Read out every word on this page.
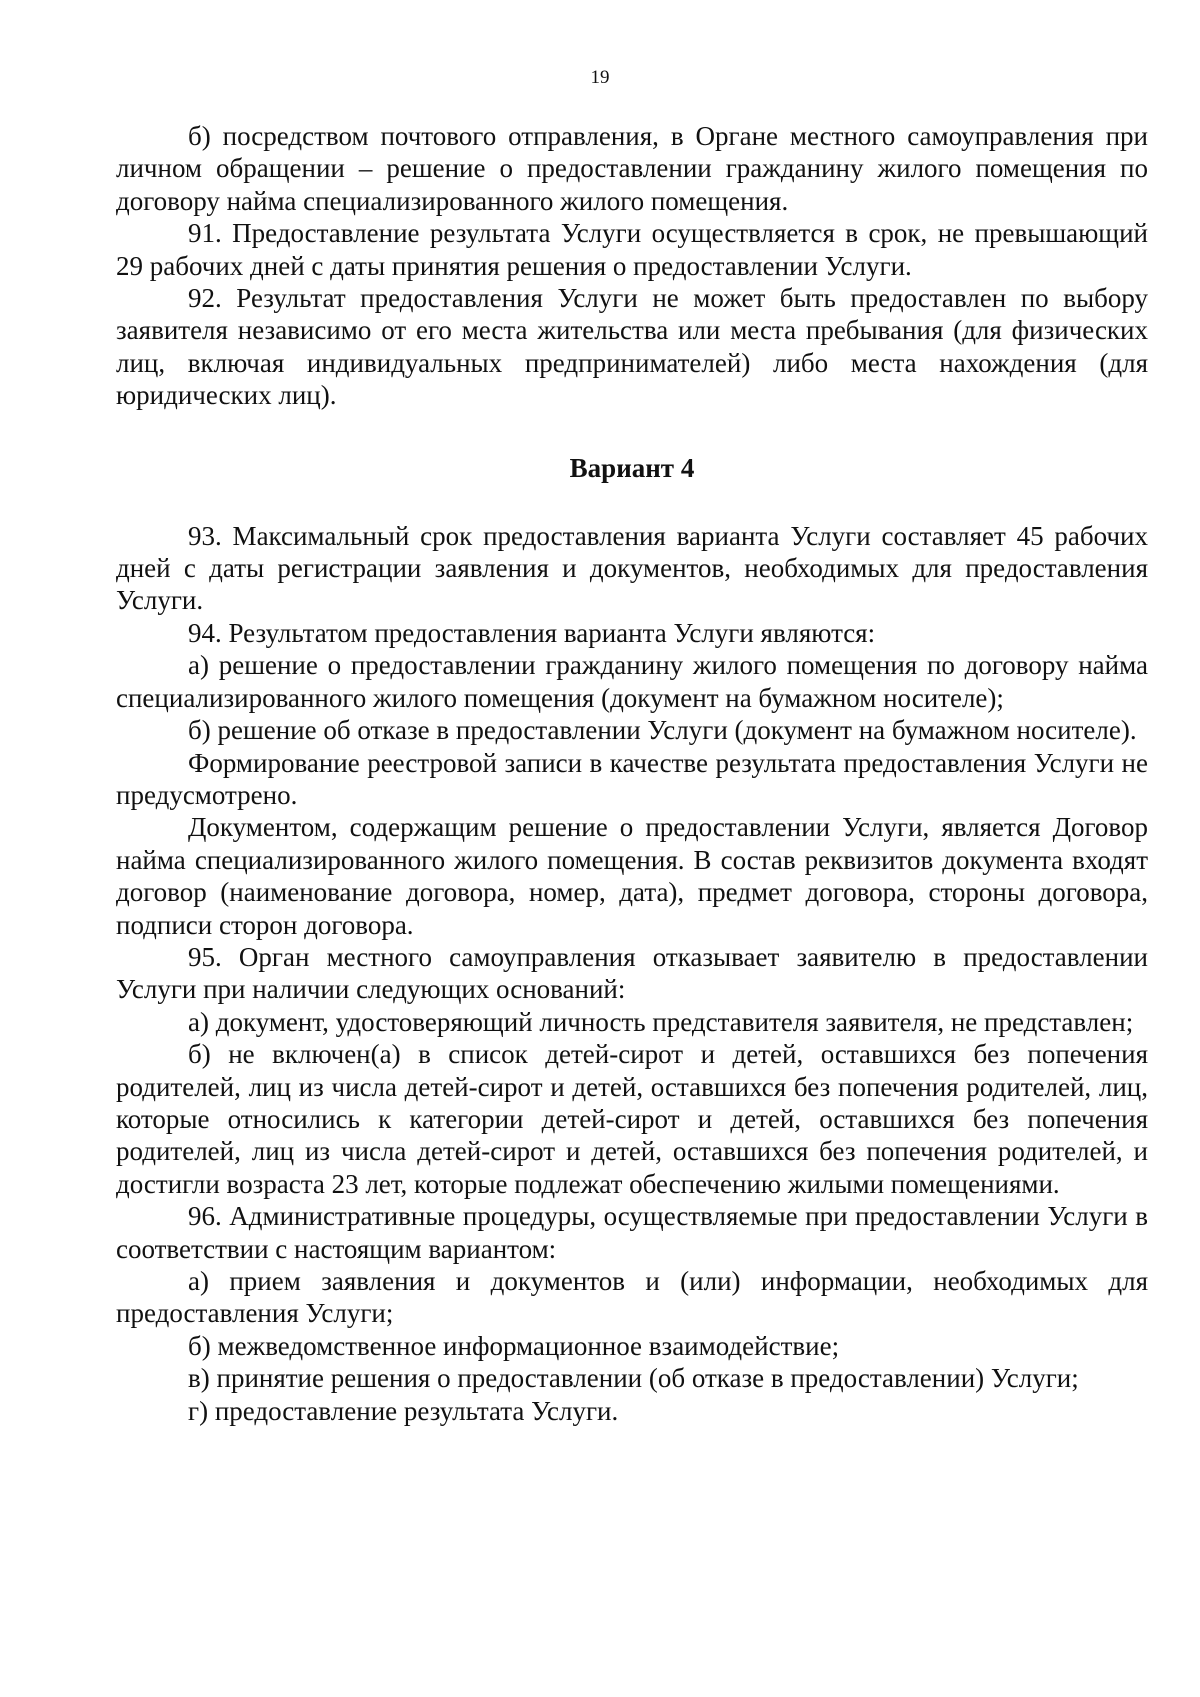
19

б) посредством почтового отправления, в Органе местного самоуправления при личном обращении – решение о предоставлении гражданину жилого помещения по договору найма специализированного жилого помещения.

91. Предоставление результата Услуги осуществляется в срок, не превышающий 29 рабочих дней с даты принятия решения о предоставлении Услуги.

92. Результат предоставления Услуги не может быть предоставлен по выбору заявителя независимо от его места жительства или места пребывания (для физических лиц, включая индивидуальных предпринимателей) либо места нахождения (для юридических лиц).

Вариант 4

93. Максимальный срок предоставления варианта Услуги составляет 45 рабочих дней с даты регистрации заявления и документов, необходимых для предоставления Услуги.

94. Результатом предоставления варианта Услуги являются:

а) решение о предоставлении гражданину жилого помещения по договору найма специализированного жилого помещения (документ на бумажном носителе);

б) решение об отказе в предоставлении Услуги (документ на бумажном носителе).

Формирование реестровой записи в качестве результата предоставления Услуги не предусмотрено.

Документом, содержащим решение о предоставлении Услуги, является Договор найма специализированного жилого помещения. В состав реквизитов документа входят договор (наименование договора, номер, дата), предмет договора, стороны договора, подписи сторон договора.

95. Орган местного самоуправления отказывает заявителю в предоставлении Услуги при наличии следующих оснований:

а) документ, удостоверяющий личность представителя заявителя, не представлен;

б) не включен(а) в список детей-сирот и детей, оставшихся без попечения родителей, лиц из числа детей-сирот и детей, оставшихся без попечения родителей, лиц, которые относились к категории детей-сирот и детей, оставшихся без попечения родителей, лиц из числа детей-сирот и детей, оставшихся без попечения родителей, и достигли возраста 23 лет, которые подлежат обеспечению жилыми помещениями.

96. Административные процедуры, осуществляемые при предоставлении Услуги в соответствии с настоящим вариантом:

а) прием заявления и документов и (или) информации, необходимых для предоставления Услуги;

б) межведомственное информационное взаимодействие;

в) принятие решения о предоставлении (об отказе в предоставлении) Услуги;

г) предоставление результата Услуги.
